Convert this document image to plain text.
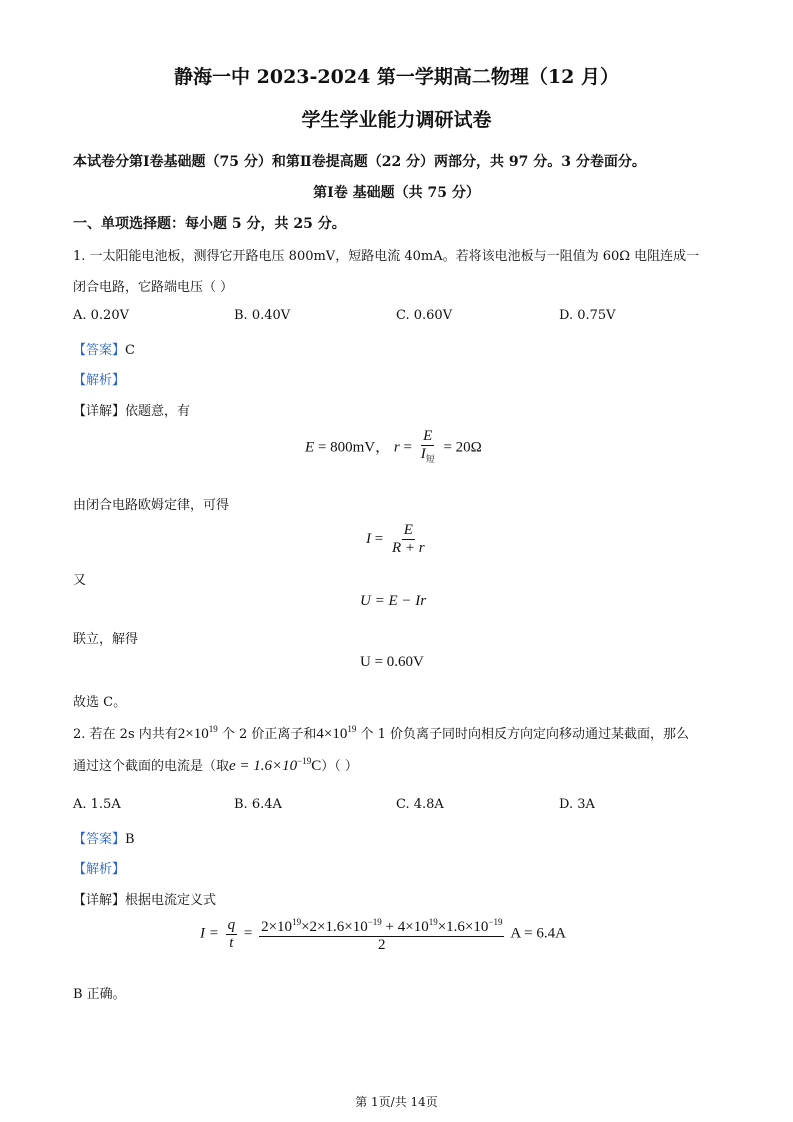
静海一中 2023-2024 第一学期高二物理（12 月）
学生学业能力调研试卷
本试卷分第Ⅰ卷基础题（75 分）和第Ⅱ卷提高题（22 分）两部分，共 97 分。3 分卷面分。
第Ⅰ卷 基础题（共 75 分）
一、单项选择题：每小题 5 分，共 25 分。
1. 一太阳能电池板，测得它开路电压 800mV，短路电流 40mA。若将该电池板与一阻值为 60Ω 电阻连成一
闭合电路，它路端电压（ ）
A. 0.20V	B. 0.40V	C. 0.60V	D. 0.75V
【答案】C
【解析】
【详解】依题意，有
E = 800mV， $r = \frac{E}{I_短} = 20\Omega$
由闭合电路欧姆定律，可得
$I = \frac{E}{R + r}$
又
U = E − Ir
联立，解得
U = 0.60V
故选 C。
2. 若在 2s 内共有$2\times 10^{19}$ 个 2 价正离子和$4\times 10^{19}$ 个 1 价负离子同时向相反方向定向移动通过某截面，那么
通过这个截面的电流是（取$e = 1.6\times 10^{-19}C$）（ ）
A. 1.5A	B. 6.4A	C. 4.8A	D. 3A
【答案】B
【解析】
【详解】根据电流定义式
$I = \frac{q}{t} = \frac{2\times 10^{19}\times 2\times 1.6\times 10^{-19} + 4\times 10^{19}\times 1.6\times 10^{-19}}{2}$ A = 6.4A
B 正确。
第 1页/共 14页
